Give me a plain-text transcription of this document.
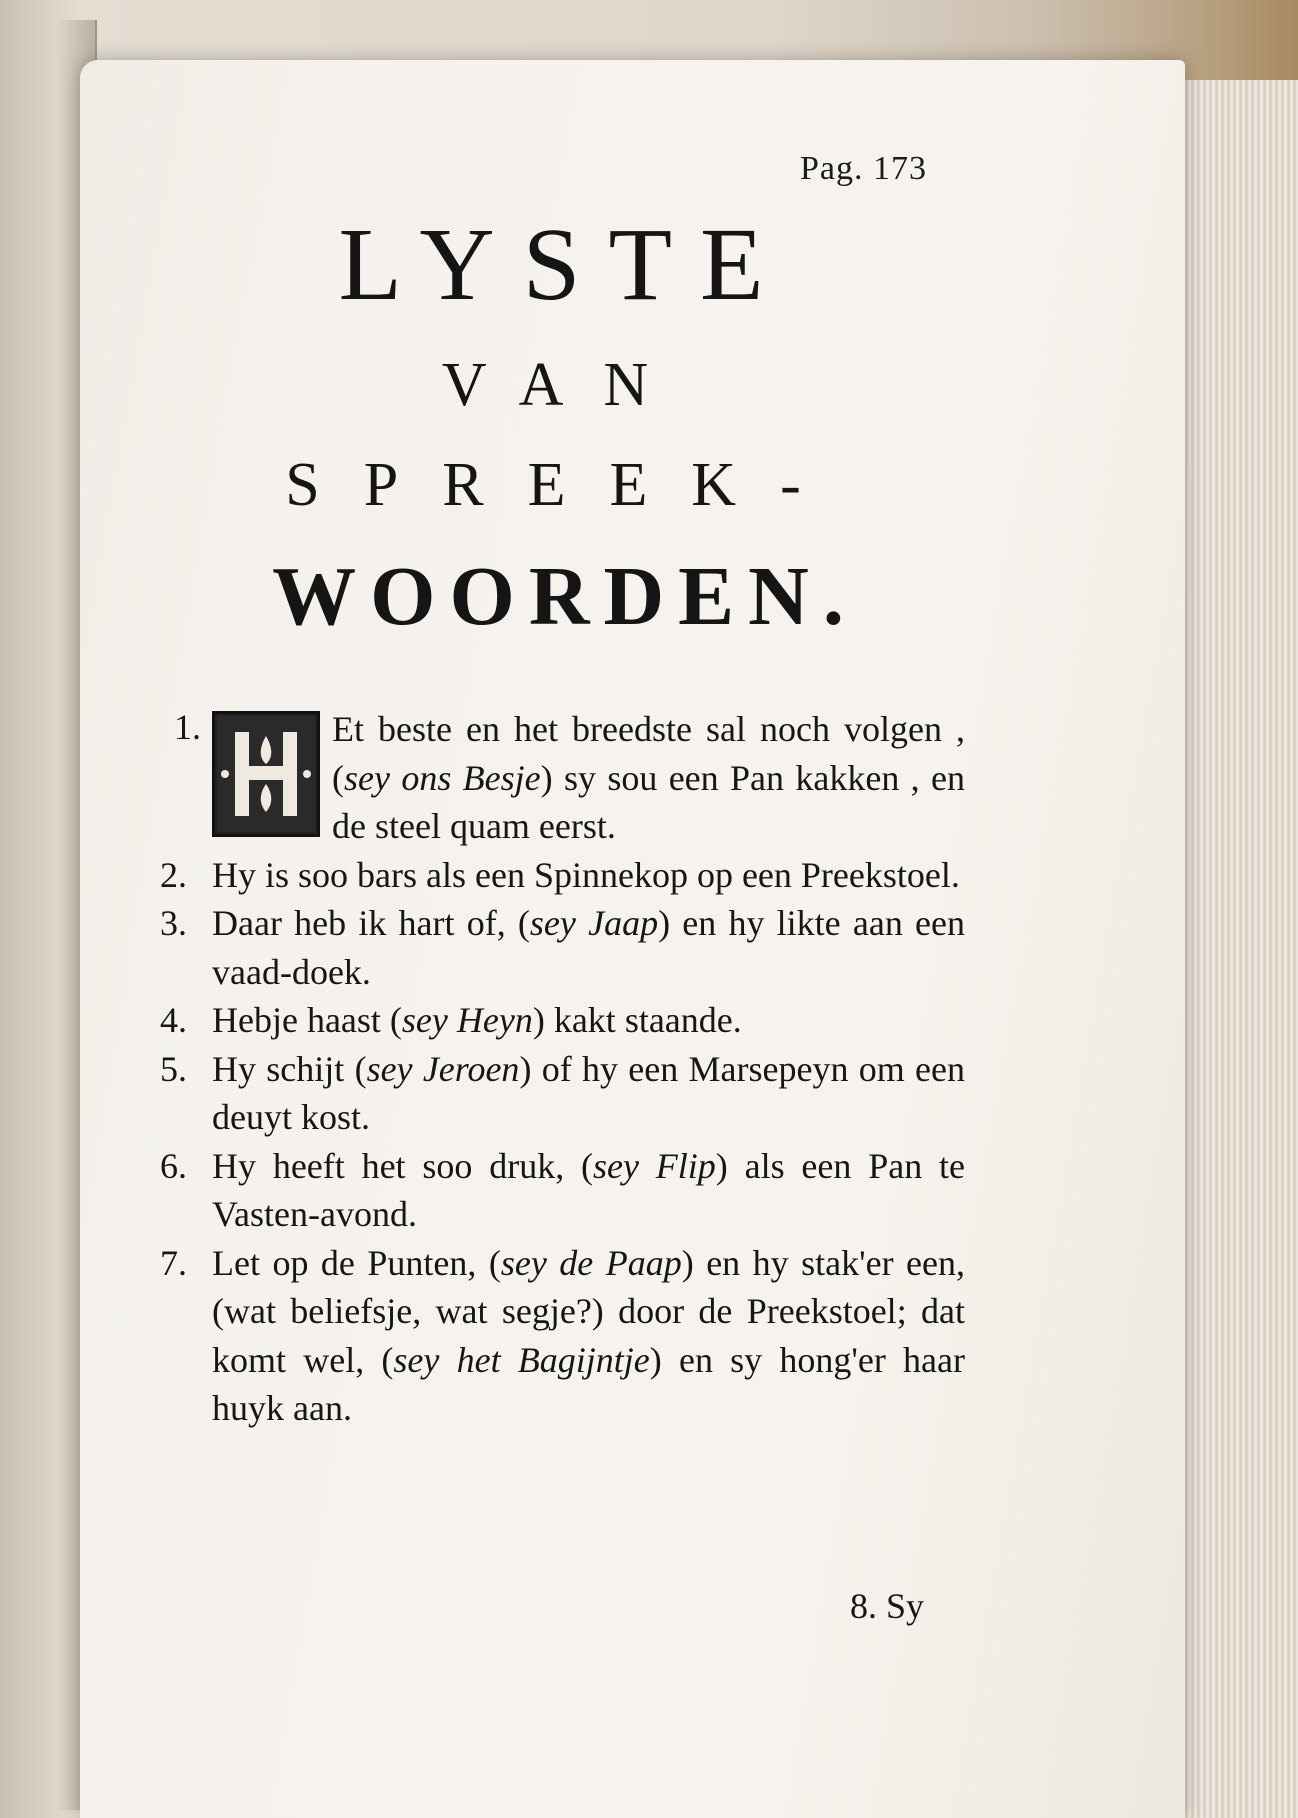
Pag. 173
LYSTE
VAN
SPREEK-
WOORDEN.

1.	Et beste en het breedste sal noch volgen , (sey ons Besje) sy sou een Pan kakken , en de steel quam eerst.

2. Hy is soo bars als een Spinnekop op een Preekstoel.

3. Daar heb ik hart of, (sey Jaap) en hy likte aan een vaad-doek.

4. Hebje haast (sey Heyn) kakt staande.

5. Hy schijt (sey Jeroen) of hy een Marsepeyn om een deuyt kost.

6. Hy heeft het soo druk, (sey Flip) als een Pan te Vasten-avond.

7. Let op de Punten, (sey de Paap) en hy stak'er een, (wat beliefsje, wat segje?) door de Preekstoel; dat komt wel, (sey het Bagijntje) en sy hong'er haar huyk aan.

8. Sy
